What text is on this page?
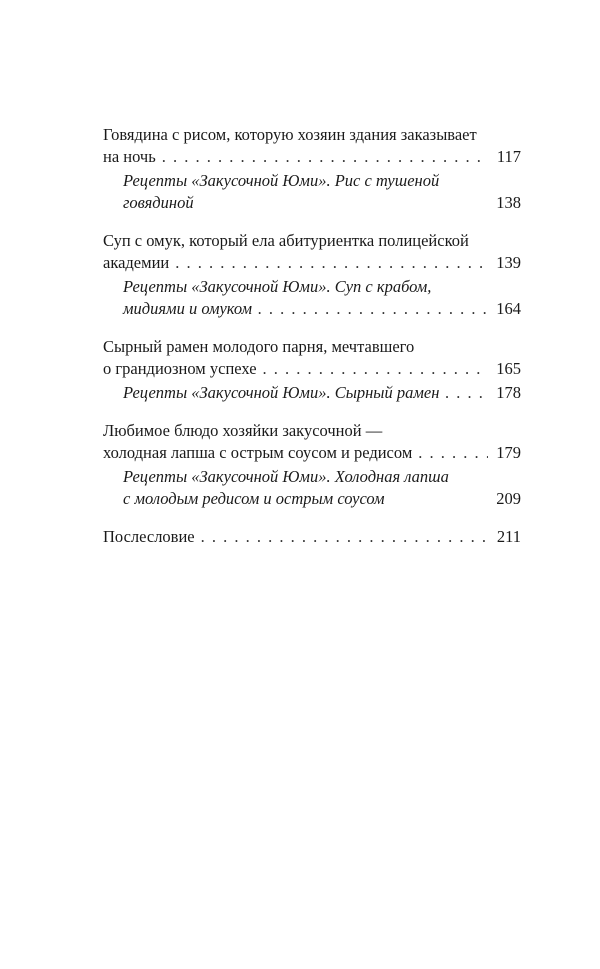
Говядина с рисом, которую хозяин здания заказывает
на ночь . . .	117
Рецепты «Закусочной Юми». Рис с тушеной
говядиной	138
Суп с омук, который ела абитуриентка полицейской
академии . . .	139
Рецепты «Закусочной Юми». Суп с крабом,
мидиями и омуком . . .	164
Сырный рамен молодого парня, мечтавшего
о грандиозном успехе . . .	165
Рецепты «Закусочной Юми». Сырный рамен . . .	178
Любимое блюдо хозяйки закусочной —
холодная лапша с острым соусом и редисом . . .	179
Рецепты «Закусочной Юми». Холодная лапша
с молодым редисом и острым соусом	209
Послесловие . . .	211
